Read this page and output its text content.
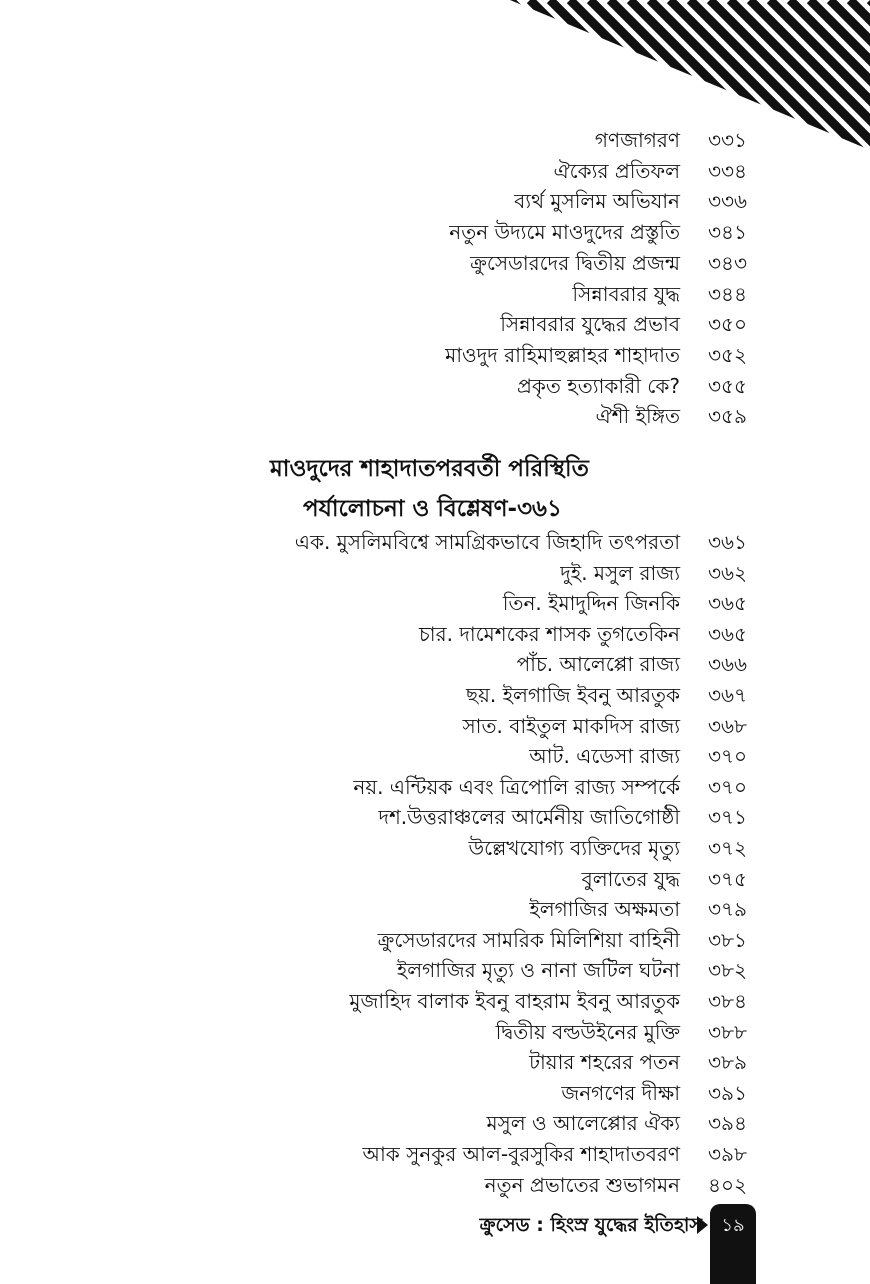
গণজাগরণ ৩৩১
ঐক্যের প্রতিফল ৩৩৪
ব্যর্থ মুসলিম অভিযান ৩৩৬
নতুন উদ্যমে মাওদুদের প্রস্তুতি ৩৪১
ক্রুসেডারদের দ্বিতীয় প্রজন্ম ৩৪৩
সিন্নাবরার যুদ্ধ ৩৪৪
সিন্নাবরার যুদ্ধের প্রভাব ৩৫০
মাওদুদ রাহিমাহুল্লাহর শাহাদাত ৩৫২
প্রকৃত হত্যাকারী কে? ৩৫৫
ঐশী ইঙ্গিত ৩৫৯
মাওদুদের শাহাদাতপরবর্তী পরিস্থিতি
পর্যালোচনা ও বিশ্লেষণ-৩৬১
এক. মুসলিমবিশ্বে সামগ্রিকভাবে জিহাদি তৎপরতা ৩৬১
দুই. মসুল রাজ্য ৩৬২
তিন. ইমাদুদ্দিন জিনকি ৩৬৫
চার. দামেশকের শাসক তুগতেকিন ৩৬৫
পাঁচ. আলেপ্পো রাজ্য ৩৬৬
ছয়. ইলগাজি ইবনু আরতুক ৩৬৭
সাত. বাইতুল মাকদিস রাজ্য ৩৬৮
আট. এডেসা রাজ্য ৩৭০
নয়. এন্টিয়ক এবং ত্রিপোলি রাজ্য সম্পর্কে ৩৭০
দশ.উত্তরাঞ্চলের আর্মেনীয় জাতিগোষ্ঠী ৩৭১
উল্লেখযোগ্য ব্যক্তিদের মৃত্যু ৩৭২
বুলাতের যুদ্ধ ৩৭৫
ইলগাজির অক্ষমতা ৩৭৯
ক্রুসেডারদের সামরিক মিলিশিয়া বাহিনী ৩৮১
ইলগাজির মৃত্যু ও নানা জটিল ঘটনা ৩৮২
মুজাহিদ বালাক ইবনু বাহরাম ইবনু আরতুক ৩৮৪
দ্বিতীয় বল্ডউইনের মুক্তি ৩৮৮
টায়ার শহরের পতন ৩৮৯
জনগণের দীক্ষা ৩৯১
মসুল ও আলেপ্পোর ঐক্য ৩৯৪
আক সুনকুর আল-বুরসুকির শাহাদাতবরণ ৩৯৮
নতুন প্রভাতের শুভাগমন ৪০২
ক্রুসেড : হিংস্র যুদ্ধের ইতিহাস	১৯
